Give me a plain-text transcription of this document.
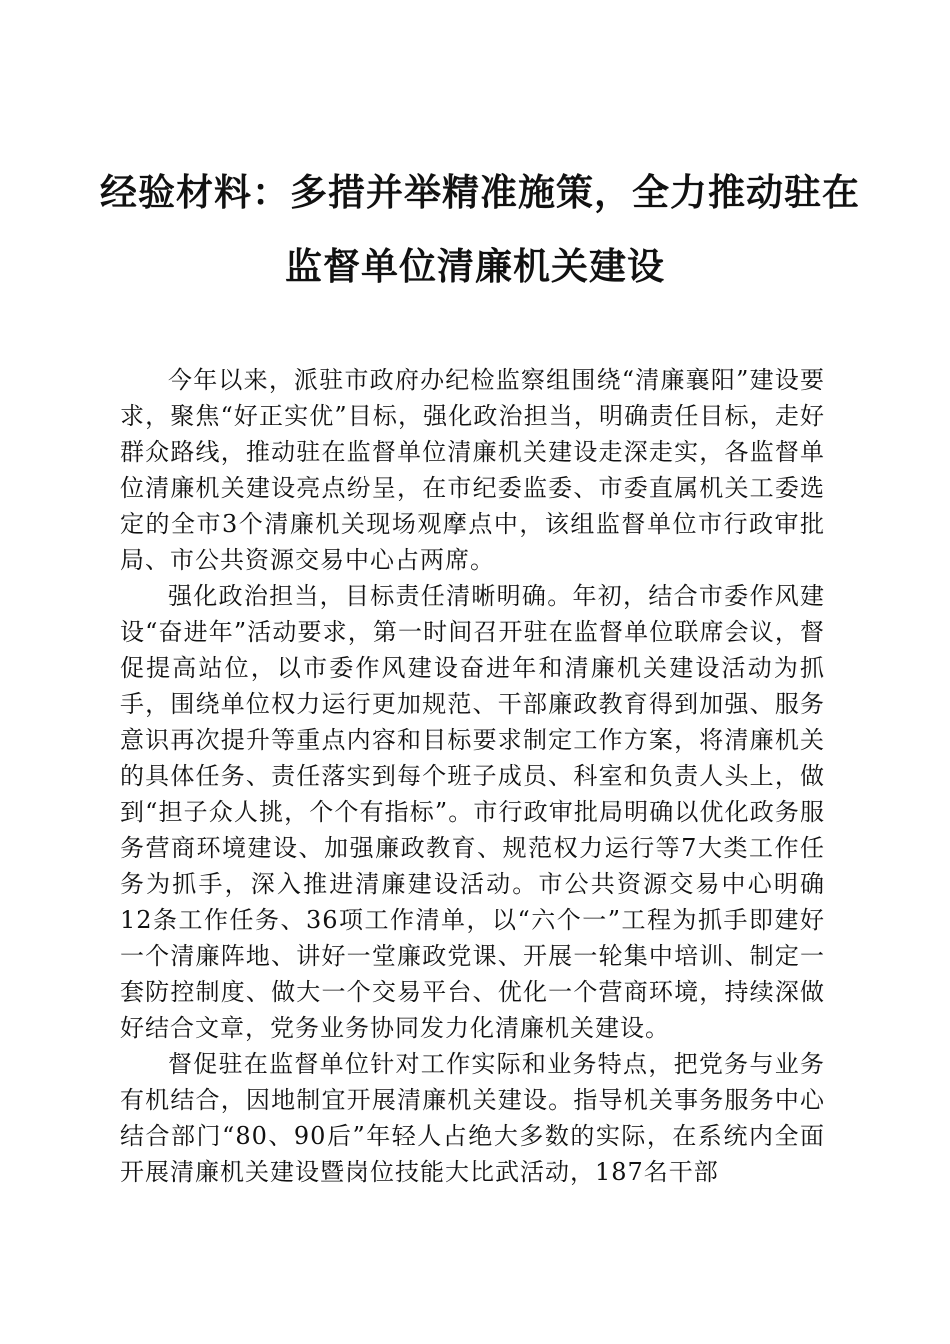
经验材料：多措并举精准施策，全力推动驻在
监督单位清廉机关建设

今年以来，派驻市政府办纪检监察组围绕“清廉襄阳”建设要求，聚焦“好正实优”目标，强化政治担当，明确责任目标，走好群众路线，推动驻在监督单位清廉机关建设走深走实，各监督单位清廉机关建设亮点纷呈，在市纪委监委、市委直属机关工委选定的全市3个清廉机关现场观摩点中，该组监督单位市行政审批局、市公共资源交易中心占两席。

强化政治担当，目标责任清晰明确。年初，结合市委作风建设“奋进年”活动要求，第一时间召开驻在监督单位联席会议，督促提高站位，以市委作风建设奋进年和清廉机关建设活动为抓手，围绕单位权力运行更加规范、干部廉政教育得到加强、服务意识再次提升等重点内容和目标要求制定工作方案，将清廉机关的具体任务、责任落实到每个班子成员、科室和负责人头上，做到“担子众人挑，个个有指标”。市行政审批局明确以优化政务服务营商环境建设、加强廉政教育、规范权力运行等7大类工作任务为抓手，深入推进清廉建设活动。市公共资源交易中心明确12条工作任务、36项工作清单，以“六个一”工程为抓手即建好一个清廉阵地、讲好一堂廉政党课、开展一轮集中培训、制定一套防控制度、做大一个交易平台、优化一个营商环境，持续深做好结合文章，党务业务协同发力化清廉机关建设。

督促驻在监督单位针对工作实际和业务特点，把党务与业务有机结合，因地制宜开展清廉机关建设。指导机关事务服务中心结合部门“80、90后”年轻人占绝大多数的实际，在系统内全面开展清廉机关建设暨岗位技能大比武活动，187名干部
